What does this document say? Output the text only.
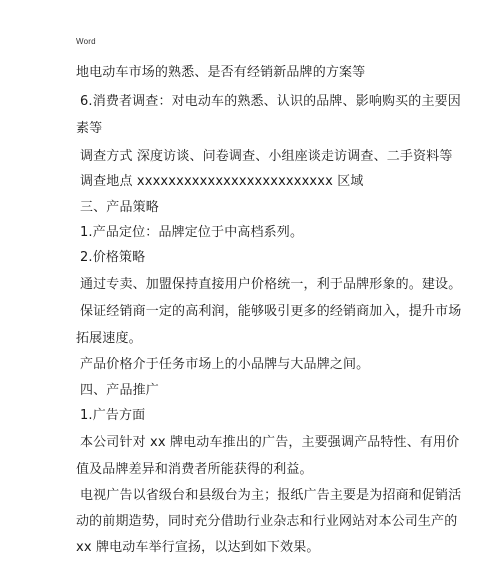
Word
地电动车市场的熟悉、是否有经销新品牌的方案等
6.消费者调查：对电动车的熟悉、认识的品牌、影响购买的主要因
素等
调查方式 深度访谈、问卷调查、小组座谈走访调查、二手资料等
调查地点 xxxxxxxxxxxxxxxxxxxxxxxxx 区域
三、产品策略
1.产品定位：品牌定位于中高档系列。
2.价格策略
通过专卖、加盟保持直接用户价格统一，利于品牌形象的。建设。
保证经销商一定的高利润，能够吸引更多的经销商加入，提升市场
拓展速度。
产品价格介于任务市场上的小品牌与大品牌之间。
四、产品推广
1.广告方面
本公司针对 xx 牌电动车推出的广告，主要强调产品特性、有用价
值及品牌差异和消费者所能获得的利益。
电视广告以省级台和县级台为主；报纸广告主要是为招商和促销活
动的前期造势，同时充分借助行业杂志和行业网站对本公司生产的
xx 牌电动车举行宣扬，以达到如下效果。
